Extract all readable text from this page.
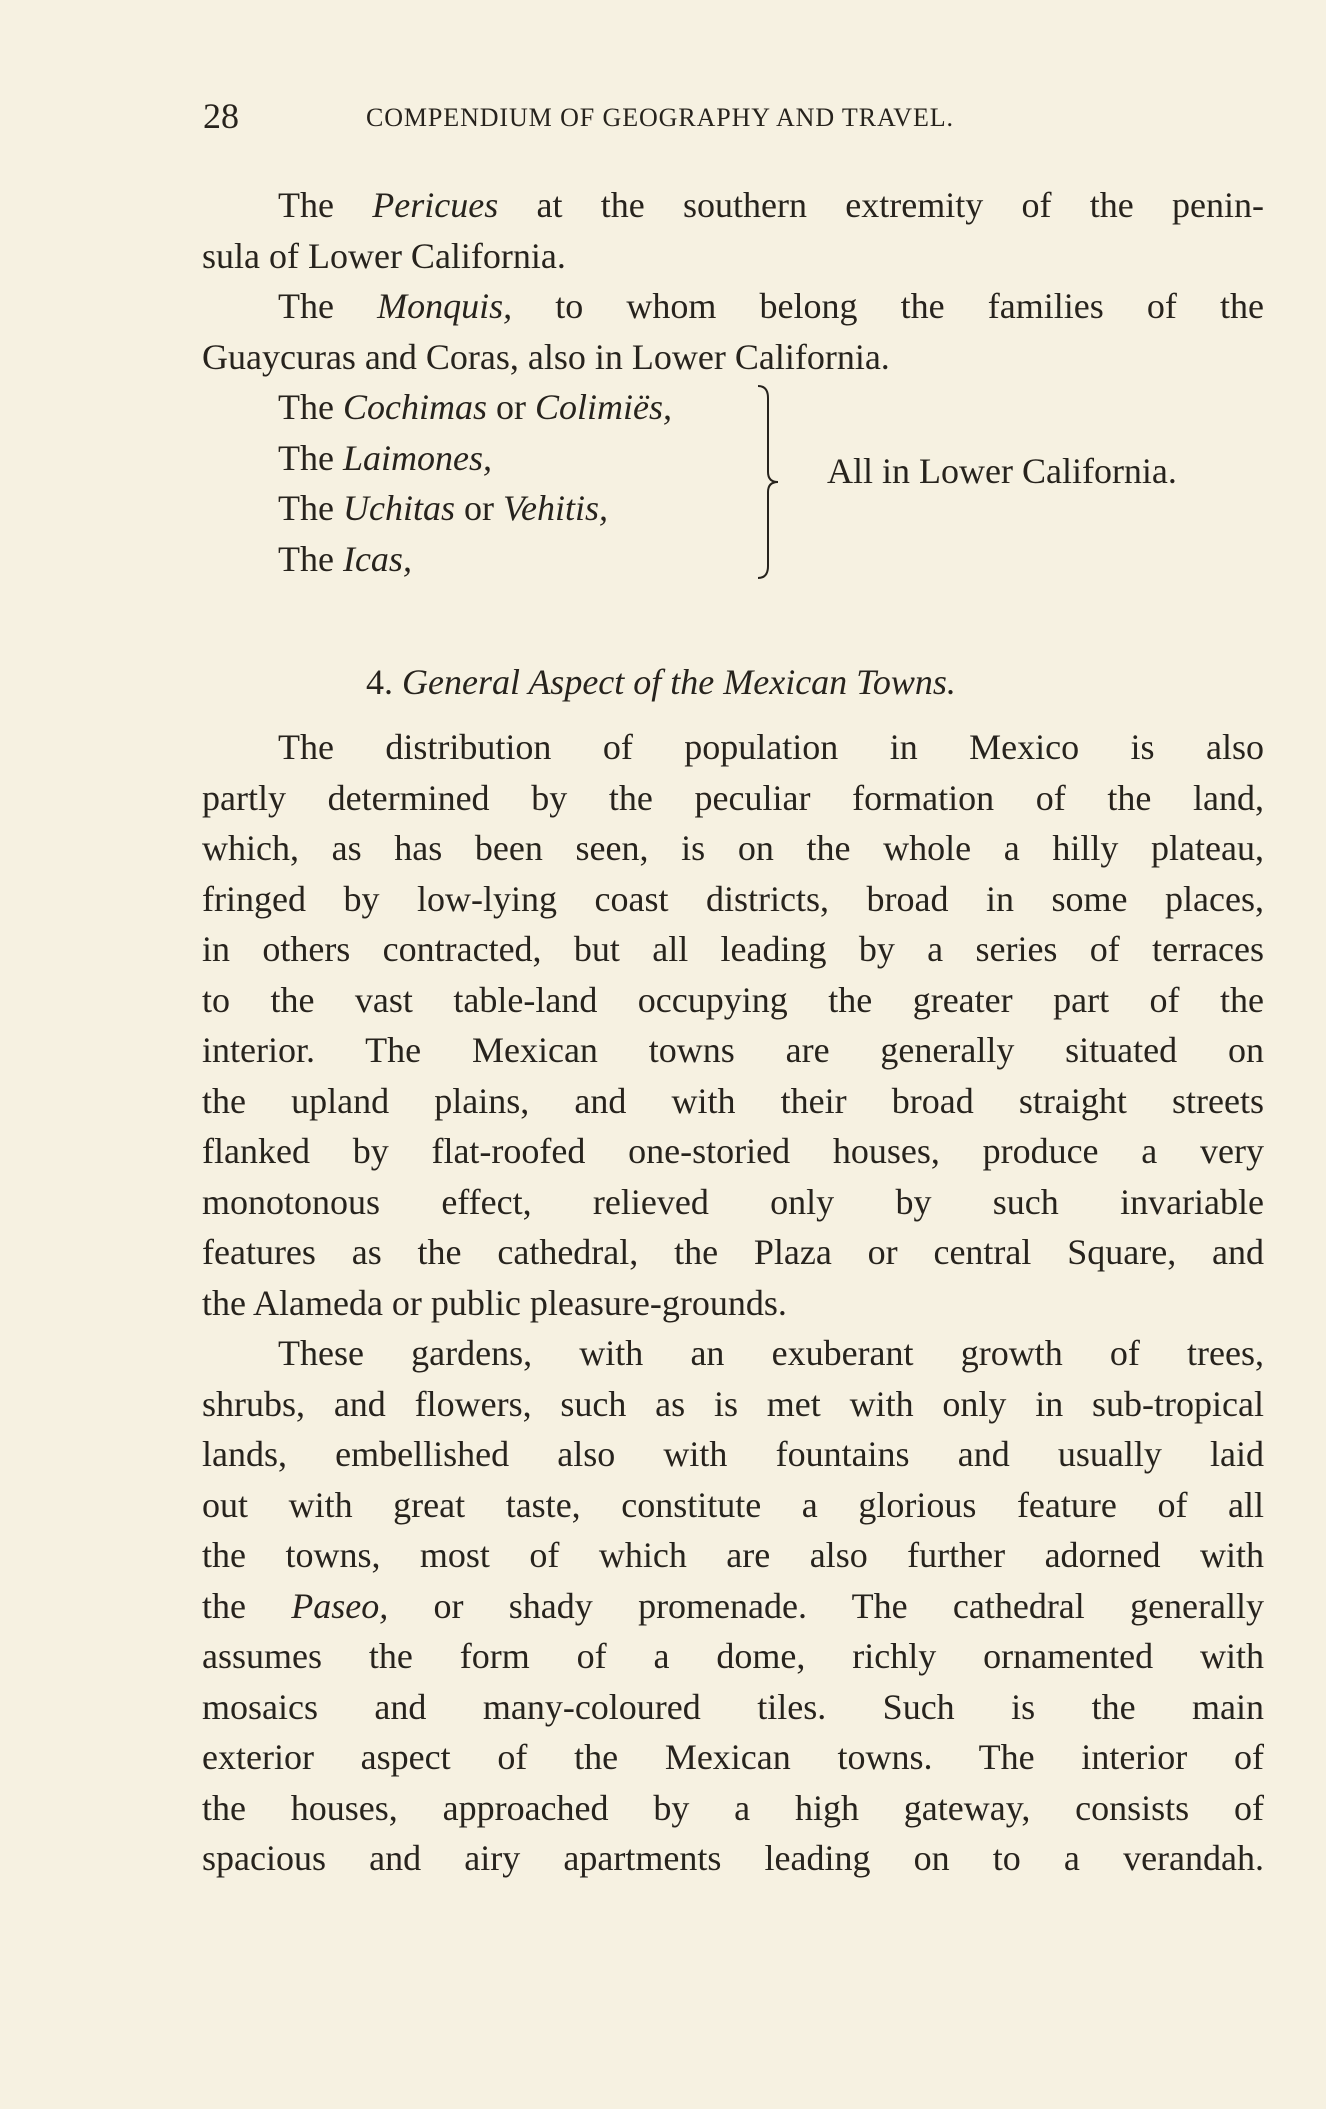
28	COMPENDIUM OF GEOGRAPHY AND TRAVEL.
The Pericues at the southern extremity of the penin-
sula of Lower California.
The Monquis, to whom belong the families of the
Guaycuras and Coras, also in Lower California.
The Cochimas or Colimiës,
The Laimones,
The Uchitas or Vehitis,
The Icas,
All in Lower California.
4. General Aspect of the Mexican Towns.
The distribution of population in Mexico is also
partly determined by the peculiar formation of the land,
which, as has been seen, is on the whole a hilly plateau,
fringed by low-lying coast districts, broad in some places,
in others contracted, but all leading by a series of terraces
to the vast table-land occupying the greater part of the
interior. The Mexican towns are generally situated on
the upland plains, and with their broad straight streets
flanked by flat-roofed one-storied houses, produce a very
monotonous effect, relieved only by such invariable
features as the cathedral, the Plaza or central Square, and
the Alameda or public pleasure-grounds.
These gardens, with an exuberant growth of trees,
shrubs, and flowers, such as is met with only in sub-tropical
lands, embellished also with fountains and usually laid
out with great taste, constitute a glorious feature of all
the towns, most of which are also further adorned with
the Paseo, or shady promenade. The cathedral generally
assumes the form of a dome, richly ornamented with
mosaics and many-coloured tiles. Such is the main
exterior aspect of the Mexican towns. The interior of
the houses, approached by a high gateway, consists of
spacious and airy apartments leading on to a verandah.
